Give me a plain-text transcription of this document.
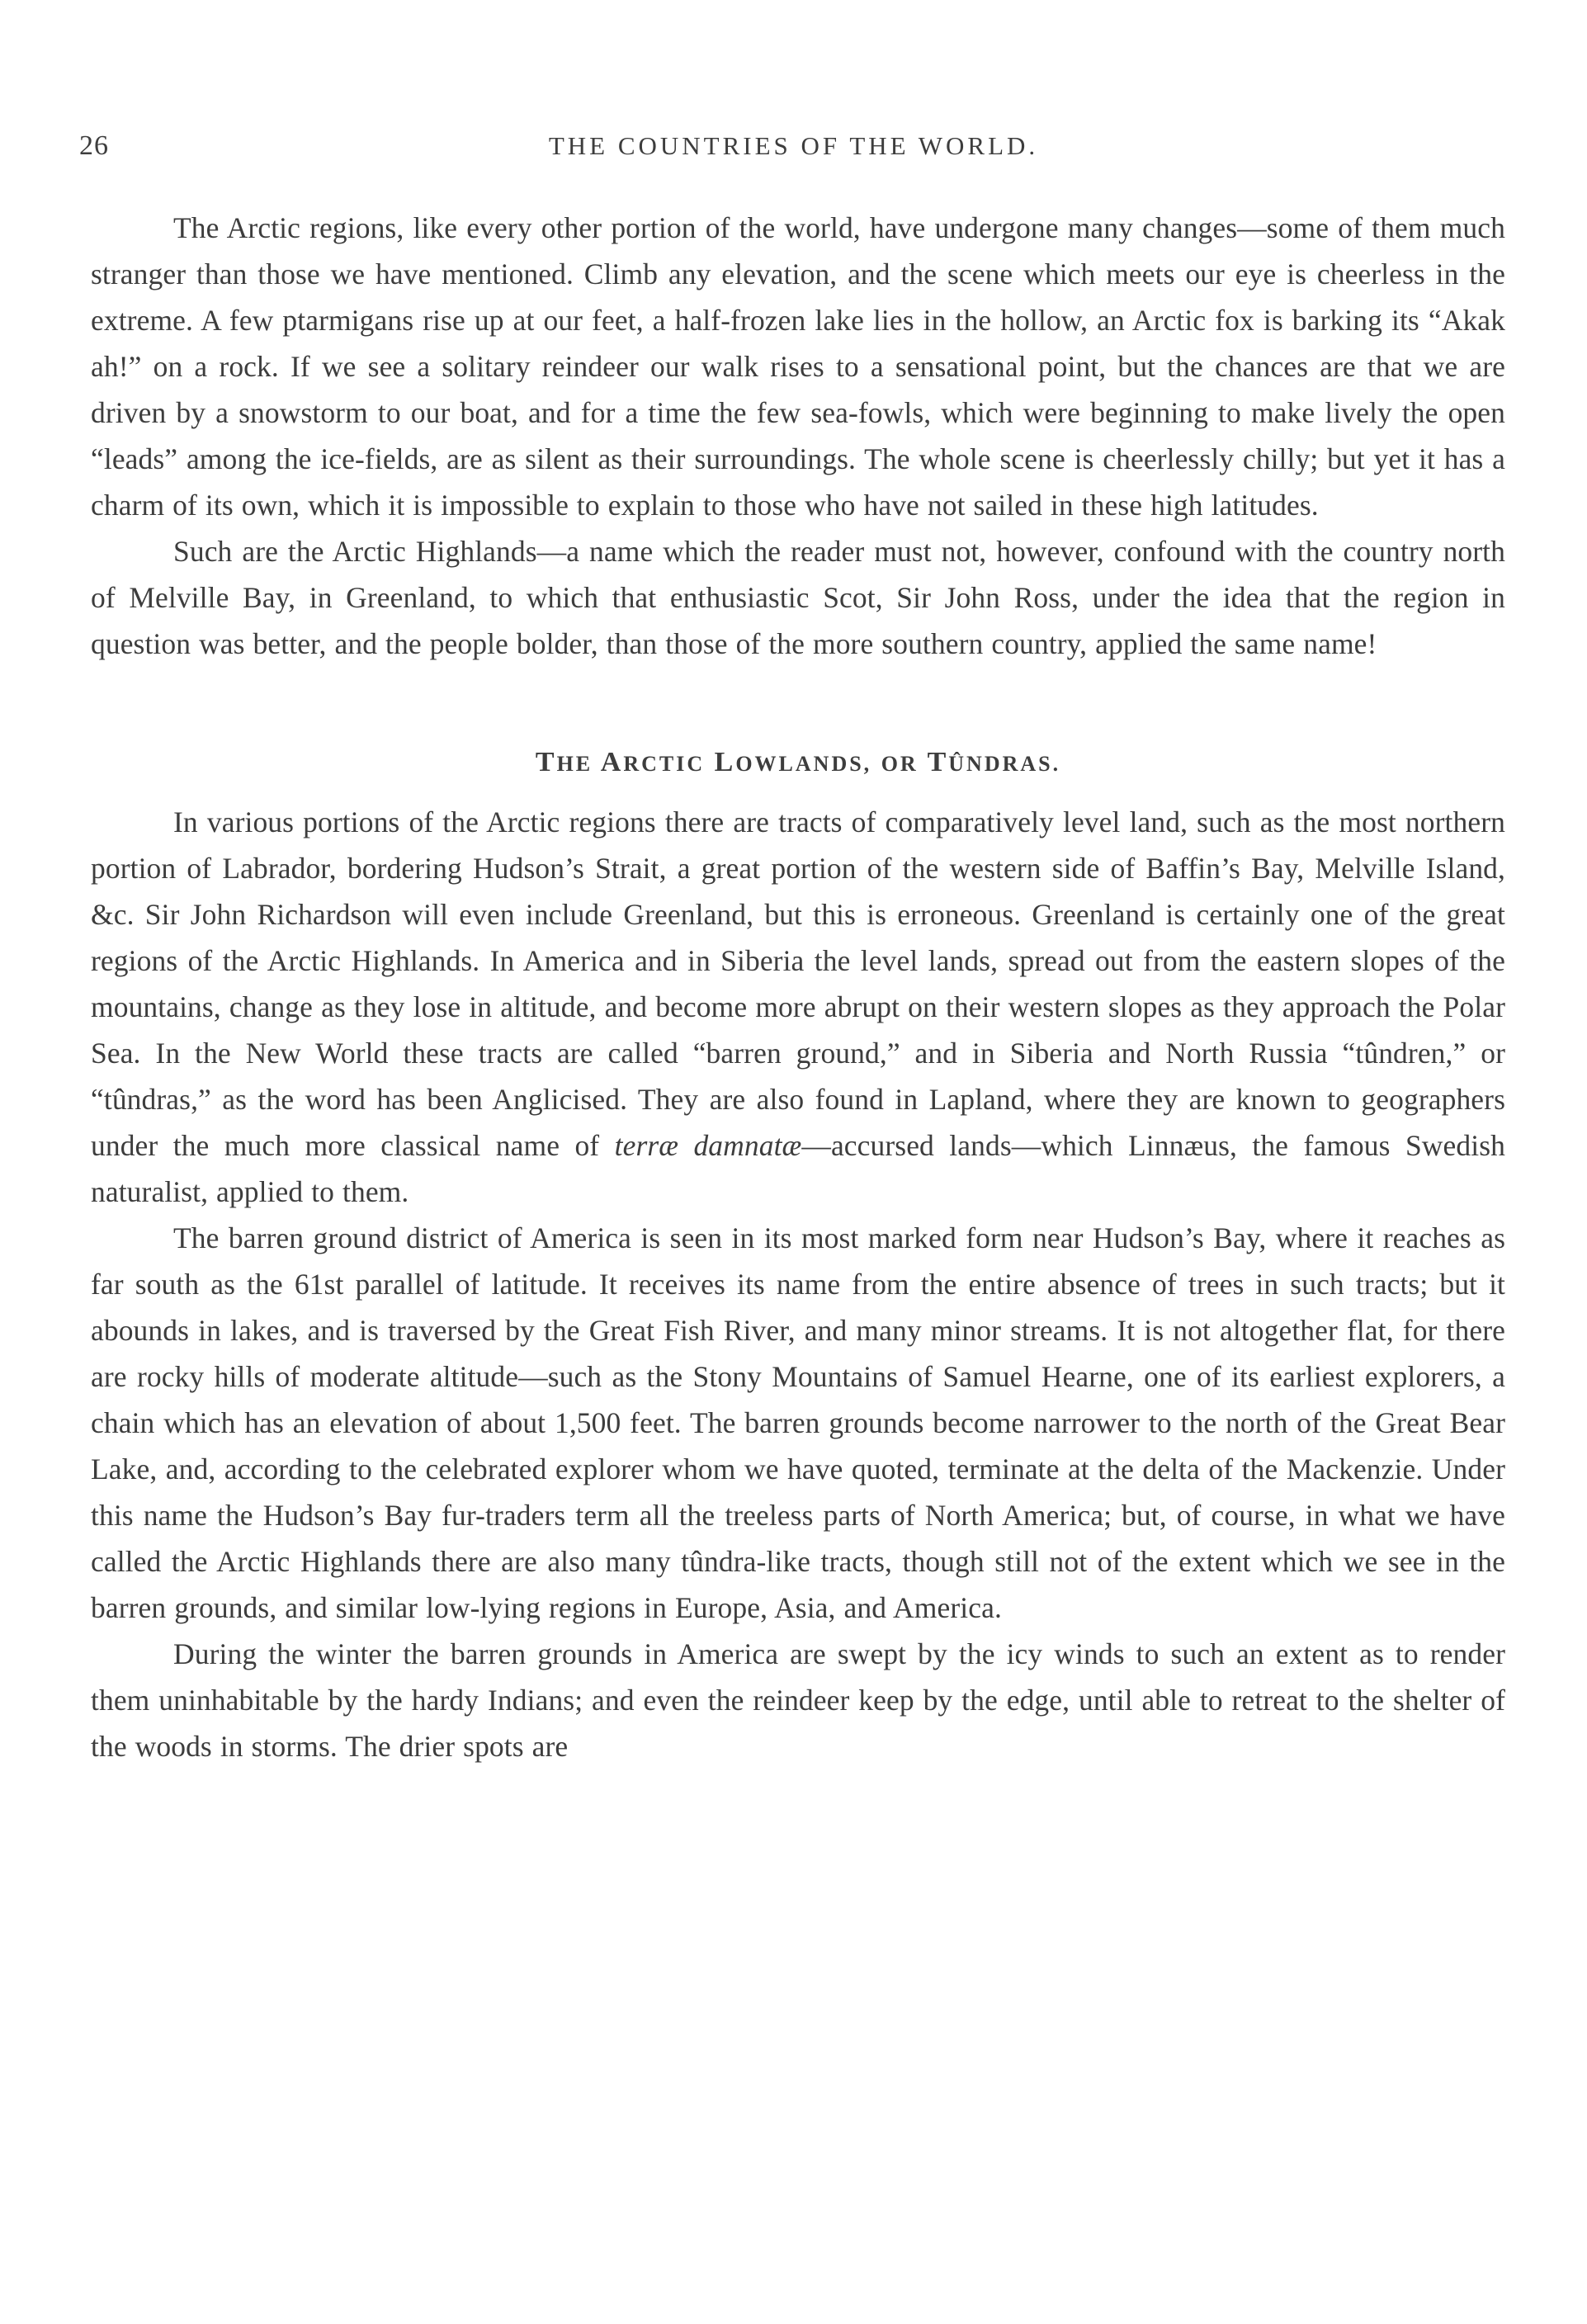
26	THE COUNTRIES OF THE WORLD.

The Arctic regions, like every other portion of the world, have undergone many changes—some of them much stranger than those we have mentioned. Climb any elevation, and the scene which meets our eye is cheerless in the extreme. A few ptarmigans rise up at our feet, a half-frozen lake lies in the hollow, an Arctic fox is barking its “Akak ah!” on a rock. If we see a solitary reindeer our walk rises to a sensational point, but the chances are that we are driven by a snowstorm to our boat, and for a time the few sea-fowls, which were beginning to make lively the open “leads” among the ice-fields, are as silent as their surroundings. The whole scene is cheerlessly chilly; but yet it has a charm of its own, which it is impossible to explain to those who have not sailed in these high latitudes.

Such are the Arctic Highlands—a name which the reader must not, however, confound with the country north of Melville Bay, in Greenland, to which that enthusiastic Scot, Sir John Ross, under the idea that the region in question was better, and the people bolder, than those of the more southern country, applied the same name!

THE ARCTIC LOWLANDS, OR TÛNDRAS.

In various portions of the Arctic regions there are tracts of comparatively level land, such as the most northern portion of Labrador, bordering Hudson’s Strait, a great portion of the western side of Baffin’s Bay, Melville Island, &c. Sir John Richardson will even include Greenland, but this is erroneous. Greenland is certainly one of the great regions of the Arctic Highlands. In America and in Siberia the level lands, spread out from the eastern slopes of the mountains, change as they lose in altitude, and become more abrupt on their western slopes as they approach the Polar Sea. In the New World these tracts are called “barren ground,” and in Siberia and North Russia “tûndren,” or “tûndras,” as the word has been Anglicised. They are also found in Lapland, where they are known to geographers under the much more classical name of terræ damnatæ—accursed lands—which Linnæus, the famous Swedish naturalist, applied to them.

The barren ground district of America is seen in its most marked form near Hudson’s Bay, where it reaches as far south as the 61st parallel of latitude. It receives its name from the entire absence of trees in such tracts; but it abounds in lakes, and is traversed by the Great Fish River, and many minor streams. It is not altogether flat, for there are rocky hills of moderate altitude—such as the Stony Mountains of Samuel Hearne, one of its earliest explorers, a chain which has an elevation of about 1,500 feet. The barren grounds become narrower to the north of the Great Bear Lake, and, according to the celebrated explorer whom we have quoted, terminate at the delta of the Mackenzie. Under this name the Hudson’s Bay fur-traders term all the treeless parts of North America; but, of course, in what we have called the Arctic Highlands there are also many tûndra-like tracts, though still not of the extent which we see in the barren grounds, and similar low-lying regions in Europe, Asia, and America.

During the winter the barren grounds in America are swept by the icy winds to such an extent as to render them uninhabitable by the hardy Indians; and even the reindeer keep by the edge, until able to retreat to the shelter of the woods in storms. The drier spots are
